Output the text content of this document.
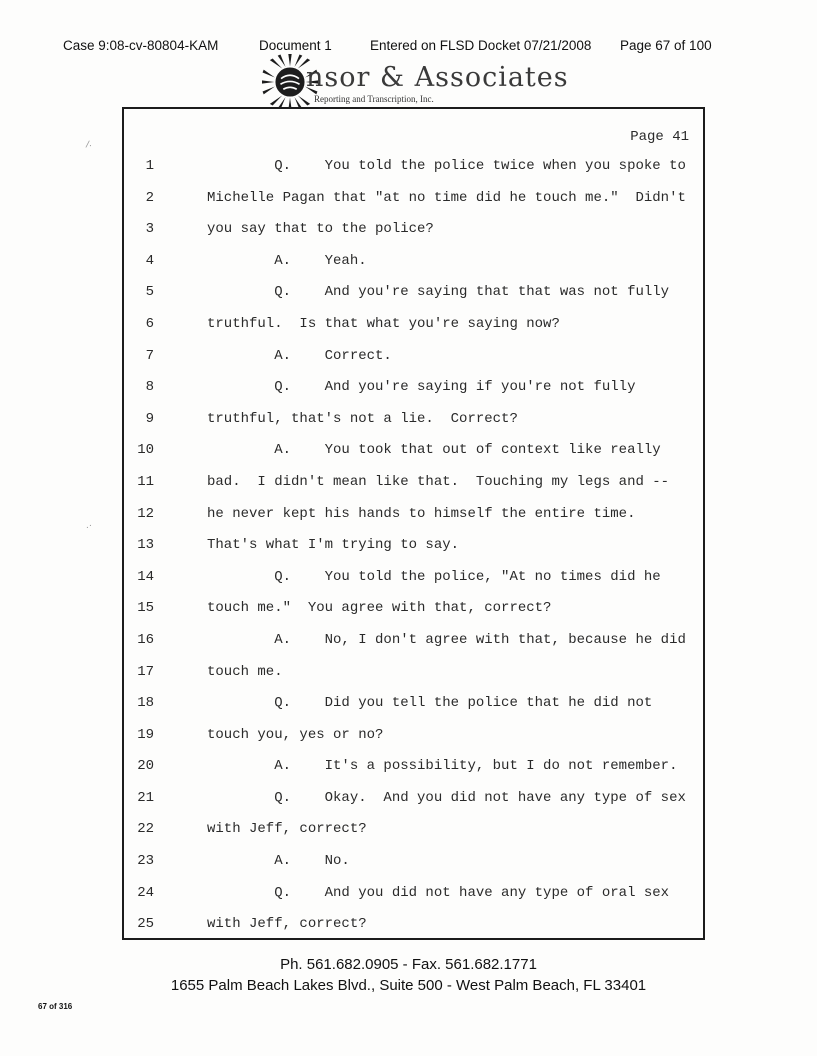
Case 9:08-cv-80804-KAM	Document 1	Entered on FLSD Docket 07/21/2008 Page 67 of 100
nsor & Associates
Reporting and Transcription, Inc.
/·
.·
Page 41
1	Q.    You told the police twice when you spoke to
2	Michelle Pagan that "at no time did he touch me."  Didn't
3	you say that to the police?
4	A.    Yeah.
5	Q.    And you're saying that that was not fully
6	truthful.  Is that what you're saying now?
7	A.    Correct.
8	Q.    And you're saying if you're not fully
9	truthful, that's not a lie.  Correct?
10	A.    You took that out of context like really
11	bad.  I didn't mean like that.  Touching my legs and --
12	he never kept his hands to himself the entire time.
13	That's what I'm trying to say.
14	Q.    You told the police, "At no times did he
15	touch me."  You agree with that, correct?
16	A.    No, I don't agree with that, because he did
17	touch me.
18	Q.    Did you tell the police that he did not
19	touch you, yes or no?
20	A.    It's a possibility, but I do not remember.
21	Q.    Okay.  And you did not have any type of sex
22	with Jeff, correct?
23	A.    No.
24	Q.    And you did not have any type of oral sex
25	with Jeff, correct?
Ph. 561.682.0905 - Fax. 561.682.1771
1655 Palm Beach Lakes Blvd., Suite 500 - West Palm Beach, FL 33401
67 of 316
